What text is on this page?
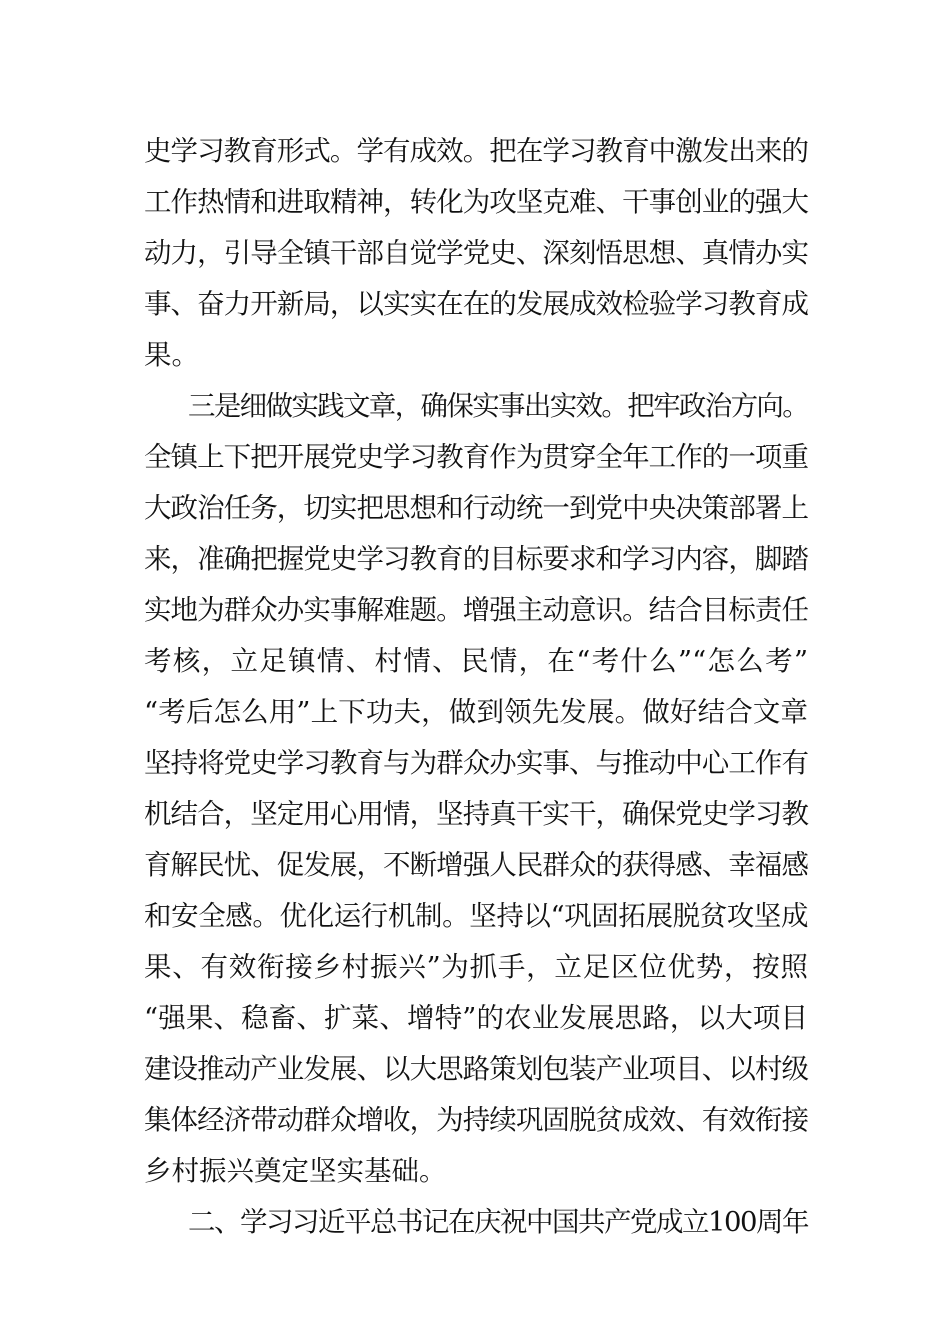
史学习教育形式。学有成效。把在学习教育中激发出来的
工作热情和进取精神，转化为攻坚克难、干事创业的强大
动力，引导全镇干部自觉学党史、深刻悟思想、真情办实
事、奋力开新局，以实实在在的发展成效检验学习教育成
果。
三是细做实践文章，确保实事出实效。把牢政治方向。
全镇上下把开展党史学习教育作为贯穿全年工作的一项重
大政治任务，切实把思想和行动统一到党中央决策部署上
来，准确把握党史学习教育的目标要求和学习内容，脚踏
实地为群众办实事解难题。增强主动意识。结合目标责任
考核，立足镇情、村情、民情，在“考什么”“怎么考”
“考后怎么用”上下功夫，做到领先发展。做好结合文章
坚持将党史学习教育与为群众办实事、与推动中心工作有
机结合，坚定用心用情，坚持真干实干，确保党史学习教
育解民忧、促发展，不断增强人民群众的获得感、幸福感
和安全感。优化运行机制。坚持以“巩固拓展脱贫攻坚成
果、有效衔接乡村振兴”为抓手，立足区位优势，按照
“强果、稳畜、扩菜、增特”的农业发展思路，以大项目
建设推动产业发展、以大思路策划包装产业项目、以村级
集体经济带动群众增收，为持续巩固脱贫成效、有效衔接
乡村振兴奠定坚实基础。
二、学习习近平总书记在庆祝中国共产党成立100周年
